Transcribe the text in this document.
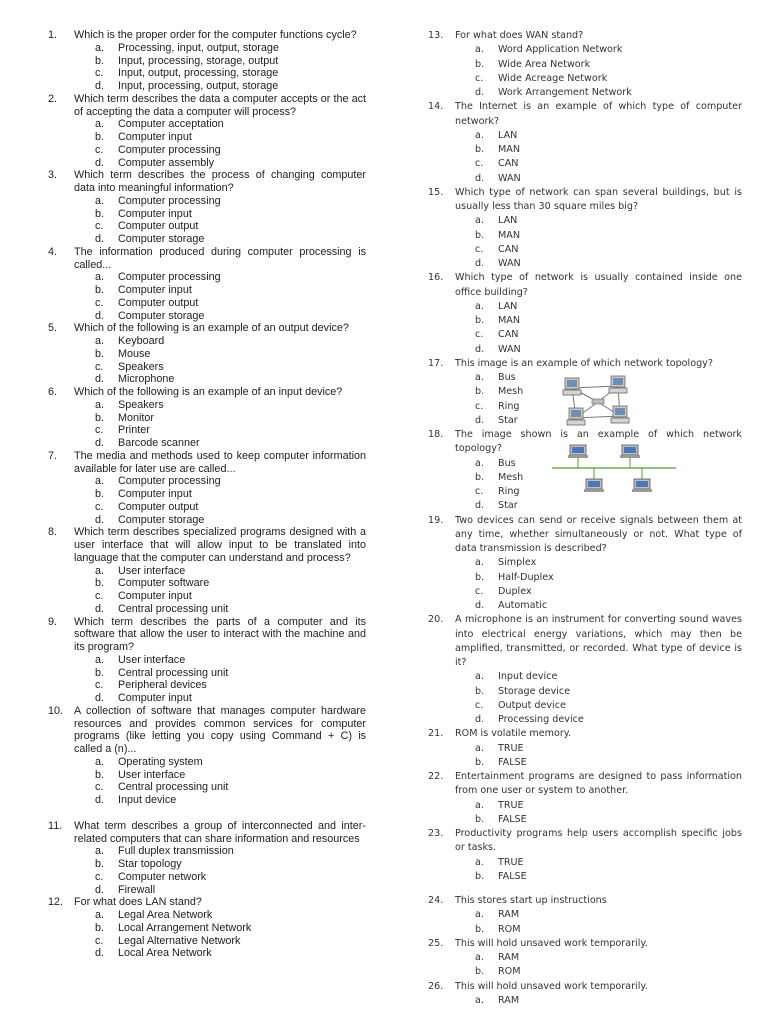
1.	Which is the proper order for the computer functions cycle?
a.	Processing, input, output, storage
b.	Input, processing, storage, output
c.	Input, output, processing, storage
d.	Input, processing, output, storage
2.	Which term describes the data a computer accepts or the act of accepting the data a computer will process?
a.	Computer acceptation
b.	Computer input
c.	Computer processing
d.	Computer assembly
3.	Which term describes the process of changing computer data into meaningful information?
a.	Computer processing
b.	Computer input
c.	Computer output
d.	Computer storage
4.	The information produced during computer processing is called...
a.	Computer processing
b.	Computer input
c.	Computer output
d.	Computer storage
5.	Which of the following is an example of an output device?
a.	Keyboard
b.	Mouse
c.	Speakers
d.	Microphone
6.	Which of the following is an example of an input device?
a.	Speakers
b.	Monitor
c.	Printer
d.	Barcode scanner
7.	The media and methods used to keep computer information available for later use are called...
a.	Computer processing
b.	Computer input
c.	Computer output
d.	Computer storage
8.	Which term describes specialized programs designed with a user interface that will allow input to be translated into language that the computer can understand and process?
a.	User interface
b.	Computer software
c.	Computer input
d.	Central processing unit
9.	Which term describes the parts of a computer and its software that allow the user to interact with the machine and its program?
a.	User interface
b.	Central processing unit
c.	Peripheral devices
d.	Computer input
10.	A collection of software that manages computer hardware resources and provides common services for computer programs (like letting you copy using Command + C) is called a (n)...
a.	Operating system
b.	User interface
c.	Central processing unit
d.	Input device
11.	What term describes a group of interconnected and inter-related computers that can share information and resources
a.	Full duplex transmission
b.	Star topology
c.	Computer network
d.	Firewall
12.	For what does LAN stand?
a.	Legal Area Network
b.	Local Arrangement Network
c.	Legal Alternative Network
d.	Local Area Network
13.	For what does WAN stand?
a.	Word Application Network
b.	Wide Area Network
c.	Wide Acreage Network
d.	Work Arrangement Network
14.	The Internet is an example of which type of computer network?
a.	LAN
b.	MAN
c.	CAN
d.	WAN
15.	Which type of network can span several buildings, but is usually less than 30 square miles big?
a.	LAN
b.	MAN
c.	CAN
d.	WAN
16.	Which type of network is usually contained inside one office building?
a.	LAN
b.	MAN
c.	CAN
d.	WAN
17.	This image is an example of which network topology?
a.	Bus
b.	Mesh
c.	Ring
d.	Star
18.	The image shown is an example of which network topology?
a.	Bus
b.	Mesh
c.	Ring
d.	Star
19.	Two devices can send or receive signals between them at any time, whether simultaneously or not. What type of data transmission is described?
a.	Simplex
b.	Half-Duplex
c.	Duplex
d.	Automatic
20.	A microphone is an instrument for converting sound waves into electrical energy variations, which may then be amplified, transmitted, or recorded. What type of device is it?
a.	Input device
b.	Storage device
c.	Output device
d.	Processing device
21.	ROM is volatile memory.
a.	TRUE
b.	FALSE
22.	Entertainment programs are designed to pass information from one user or system to another.
a.	TRUE
b.	FALSE
23.	Productivity programs help users accomplish specific jobs or tasks.
a.	TRUE
b.	FALSE
24.	This stores start up instructions
a.	RAM
b.	ROM
25.	This will hold unsaved work temporarily.
a.	RAM
b.	ROM
26.	This will hold unsaved work temporarily.
a.	RAM
